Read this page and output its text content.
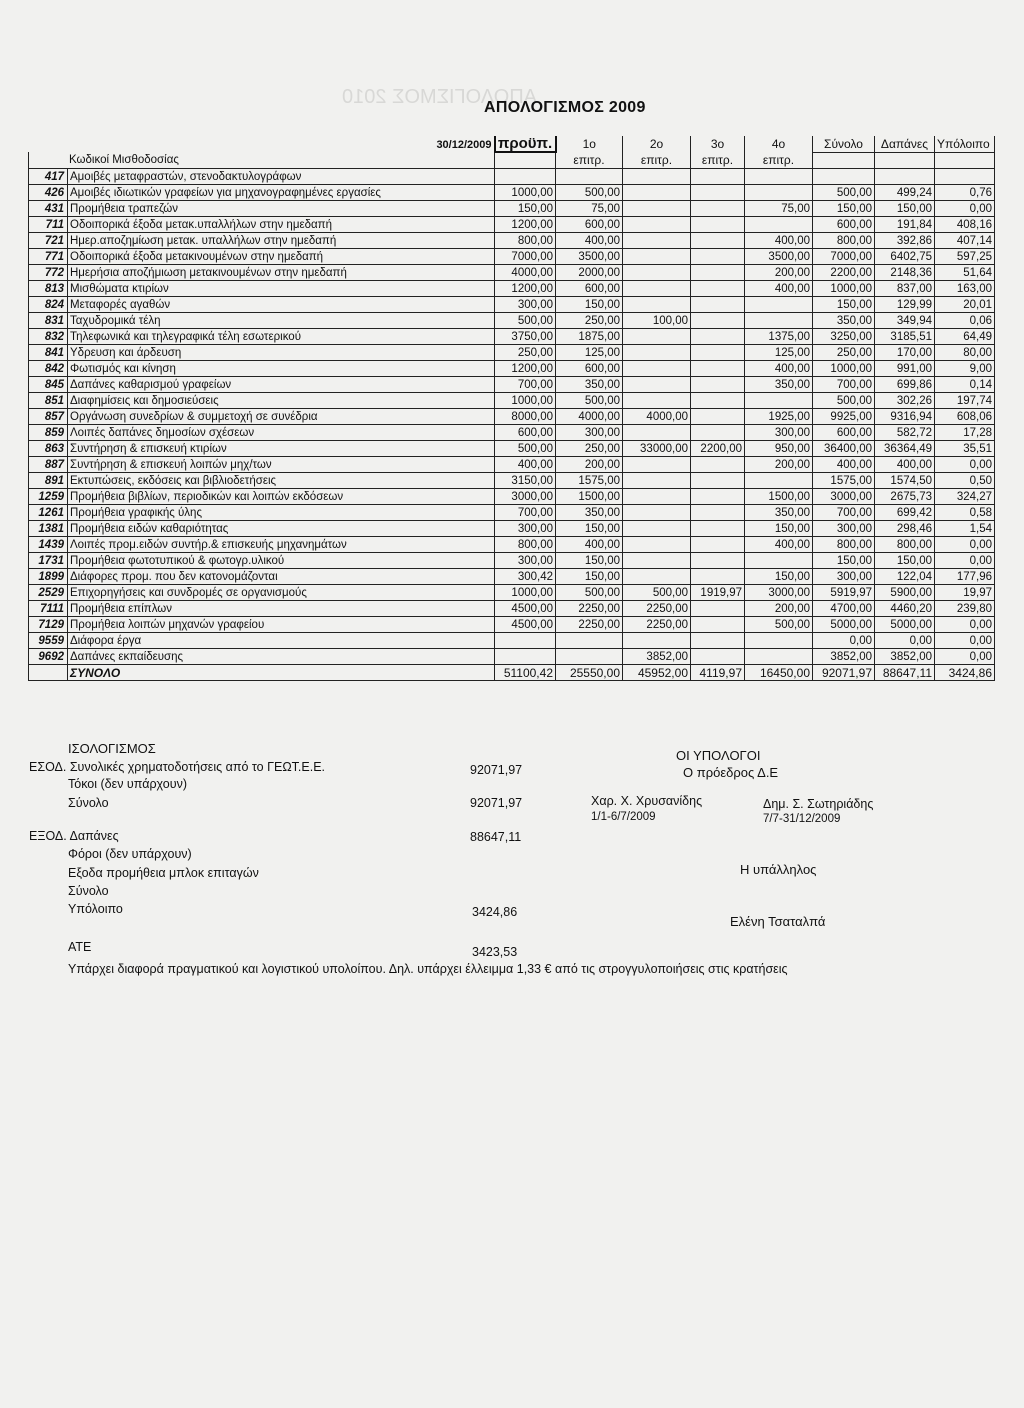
ΑΠΟΛΟΓΙΣΜΟΣ 2010
ΑΠΟΛΟΓΙΣΜΟΣ 2009
30/12/2009		προϋπ.	1ο	2ο	3ο	4ο	Σύνολο	Δαπάνες	Υπόλοιπο
Κωδικοί Μισθοδοσίας			επιτρ.	επιτρ.	επιτρ.	επιτρ.			
417	Αμοιβές μεταφραστών, στενοδακτυλογράφων								
426	Αμοιβές ιδιωτικών γραφείων για μηχανογραφημένες εργασίες	1000,00	500,00				500,00	499,24	0,76
431	Προμήθεια τραπεζών	150,00	75,00			75,00	150,00	150,00	0,00
711	Οδοιπορικά έξοδα μετακ.υπαλλήλων στην ημεδαπή	1200,00	600,00				600,00	191,84	408,16
721	Ημερ.αποζημίωση μετακ. υπαλλήλων στην ημεδαπή	800,00	400,00			400,00	800,00	392,86	407,14
771	Οδοιπορικά έξοδα μετακινουμένων στην ημεδαπή	7000,00	3500,00			3500,00	7000,00	6402,75	597,25
772	Ημερήσια αποζήμιωση μετακινουμένων στην ημεδαπή	4000,00	2000,00			200,00	2200,00	2148,36	51,64
813	Μισθώματα κτιρίων	1200,00	600,00			400,00	1000,00	837,00	163,00
824	Μεταφορές αγαθών	300,00	150,00				150,00	129,99	20,01
831	Ταχυδρομικά τέλη	500,00	250,00	100,00			350,00	349,94	0,06
832	Τηλεφωνικά και τηλεγραφικά τέλη εσωτερικού	3750,00	1875,00			1375,00	3250,00	3185,51	64,49
841	Υδρευση και άρδευση	250,00	125,00			125,00	250,00	170,00	80,00
842	Φωτισμός και κίνηση	1200,00	600,00			400,00	1000,00	991,00	9,00
845	Δαπάνες καθαρισμού γραφείων	700,00	350,00			350,00	700,00	699,86	0,14
851	Διαφημίσεις και δημοσιεύσεις	1000,00	500,00				500,00	302,26	197,74
857	Οργάνωση συνεδρίων & συμμετοχή σε συνέδρια	8000,00	4000,00	4000,00		1925,00	9925,00	9316,94	608,06
859	Λοιπές δαπάνες δημοσίων σχέσεων	600,00	300,00			300,00	600,00	582,72	17,28
863	Συντήρηση & επισκευή κτιρίων	500,00	250,00	33000,00	2200,00	950,00	36400,00	36364,49	35,51
887	Συντήρηση & επισκευή λοιπών μηχ/των	400,00	200,00			200,00	400,00	400,00	0,00
891	Εκτυπώσεις, εκδόσεις και βιβλιοδετήσεις	3150,00	1575,00				1575,00	1574,50	0,50
1259	Προμήθεια βιβλίων, περιοδικών και λοιπών εκδόσεων	3000,00	1500,00			1500,00	3000,00	2675,73	324,27
1261	Προμήθεια γραφικής ύλης	700,00	350,00			350,00	700,00	699,42	0,58
1381	Προμήθεια ειδών καθαριότητας	300,00	150,00			150,00	300,00	298,46	1,54
1439	Λοιπές προμ.ειδών συντήρ.& επισκευής μηχανημάτων	800,00	400,00			400,00	800,00	800,00	0,00
1731	Προμήθεια φωτοτυπικού & φωτογρ.υλικού	300,00	150,00				150,00	150,00	0,00
1899	Διάφορες προμ. που δεν κατονομάζονται	300,42	150,00			150,00	300,00	122,04	177,96
2529	Επιχορηγήσεις και συνδρομές σε οργανισμούς	1000,00	500,00	500,00	1919,97	3000,00	5919,97	5900,00	19,97
7111	Προμήθεια επίπλων	4500,00	2250,00	2250,00		200,00	4700,00	4460,20	239,80
7129	Προμήθεια λοιπών μηχανών γραφείου	4500,00	2250,00	2250,00		500,00	5000,00	5000,00	0,00
9559	Διάφορα έργα						0,00	0,00	0,00
9692	Δαπάνες εκπαίδευσης			3852,00			3852,00	3852,00	0,00
	ΣΥΝΟΛΟ	51100,42	25550,00	45952,00	4119,97	16450,00	92071,97	88647,11	3424,86
ΙΣΟΛΟΓΙΣΜΟΣ
ΕΣΟΔ. Συνολικές χρηματοδοτήσεις από το ΓΕΩΤ.Ε.Ε.	92071,97
Τόκοι (δεν υπάρχουν)
Σύνολο	92071,97
ΕΞΟΔ. Δαπάνες	88647,11
Φόροι (δεν υπάρχουν)
Εξοδα προμήθεια μπλοκ επιταγών
Σύνολο
Υπόλοιπο	3424,86
ΑΤΕ	3423,53
Υπάρχει διαφορά πραγματικού και λογιστικού υπολοίπου. Δηλ. υπάρχει έλλειμμα 1,33 € από τις στρογγυλοποιήσεις στις κρατήσεις
ΟΙ ΥΠΟΛΟΓΟΙ
Ο πρόεδρος Δ.Ε
Χαρ. Χ. Χρυσανίδης
1/1-6/7/2009
Δημ. Σ. Σωτηριάδης
7/7-31/12/2009
Η υπάλληλος
Ελένη Τσαταλπά
